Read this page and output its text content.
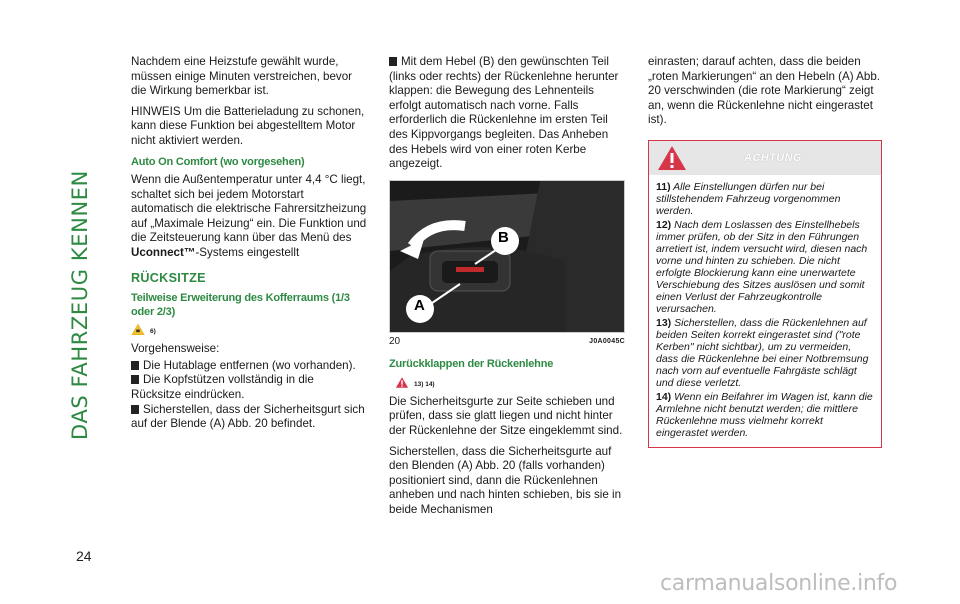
DAS FAHRZEUG KENNEN
24

Nachdem eine Heizstufe gewählt wurde, müssen einige Minuten verstreichen, bevor die Wirkung bemerkbar ist.

HINWEIS Um die Batterieladung zu schonen, kann diese Funktion bei abgestelltem Motor nicht aktiviert werden.

Auto On Comfort (wo vorgesehen)

Wenn die Außentemperatur unter 4,4 °C liegt, schaltet sich bei jedem Motorstart automatisch die elektrische Fahrersitzheizung auf „Maximale Heizung“ ein. Die Funktion und die Zeitsteuerung kann über das Menü des Uconnect™-Systems eingestellt

RÜCKSITZE
Teilweise Erweiterung des Kofferraums (1/3 oder 2/3)
6)

Vorgehensweise:

Die Hutablage entfernen (wo vorhanden).
Die Kopfstützen vollständig in die Rücksitze eindrücken.
Sicherstellen, dass der Sicherheitsgurt sich auf der Blende (A) Abb. 20 befindet.
Mit dem Hebel (B) den gewünschten Teil (links oder rechts) der Rückenlehne herunter klappen: die Bewegung des Lehnenteils erfolgt automatisch nach vorne. Falls erforderlich die Rückenlehne im ersten Teil des Kippvorgangs begleiten. Das Anheben des Hebels wird von einer roten Kerbe angezeigt.
B
A
20	J0A0045C
Zurückklappen der Rückenlehne
13) 14)

Die Sicherheitsgurte zur Seite schieben und prüfen, dass sie glatt liegen und nicht hinter der Rückenlehne der Sitze eingeklemmt sind.

Sicherstellen, dass die Sicherheitsgurte auf den Blenden (A) Abb. 20 (falls vorhanden) positioniert sind, dann die Rückenlehnen anheben und nach hinten schieben, bis sie in beide Mechanismen

einrasten; darauf achten, dass die beiden „roten Markierungen“ an den Hebeln (A) Abb. 20 verschwinden (die rote Markierung“ zeigt an, wenn die Rückenlehne nicht eingerastet ist).

ACHTUNG
11) Alle Einstellungen dürfen nur bei stillstehendem Fahrzeug vorgenommen werden.
12) Nach dem Loslassen des Einstellhebels immer prüfen, ob der Sitz in den Führungen arretiert ist, indem versucht wird, diesen nach vorne und hinten zu schieben. Die nicht erfolgte Blockierung kann eine unerwartete Verschiebung des Sitzes auslösen und somit einen Verlust der Fahrzeugkontrolle verursachen.
13) Sicherstellen, dass die Rückenlehnen auf beiden Seiten korrekt eingerastet sind ("rote Kerben" nicht sichtbar), um zu vermeiden, dass die Rückenlehne bei einer Notbremsung nach vorn auf eventuelle Fahrgäste schlägt und diese verletzt.
14) Wenn ein Beifahrer im Wagen ist, kann die Armlehne nicht benutzt werden; die mittlere Rückenlehne muss vielmehr korrekt eingerastet werden.
carmanualsonline.info
